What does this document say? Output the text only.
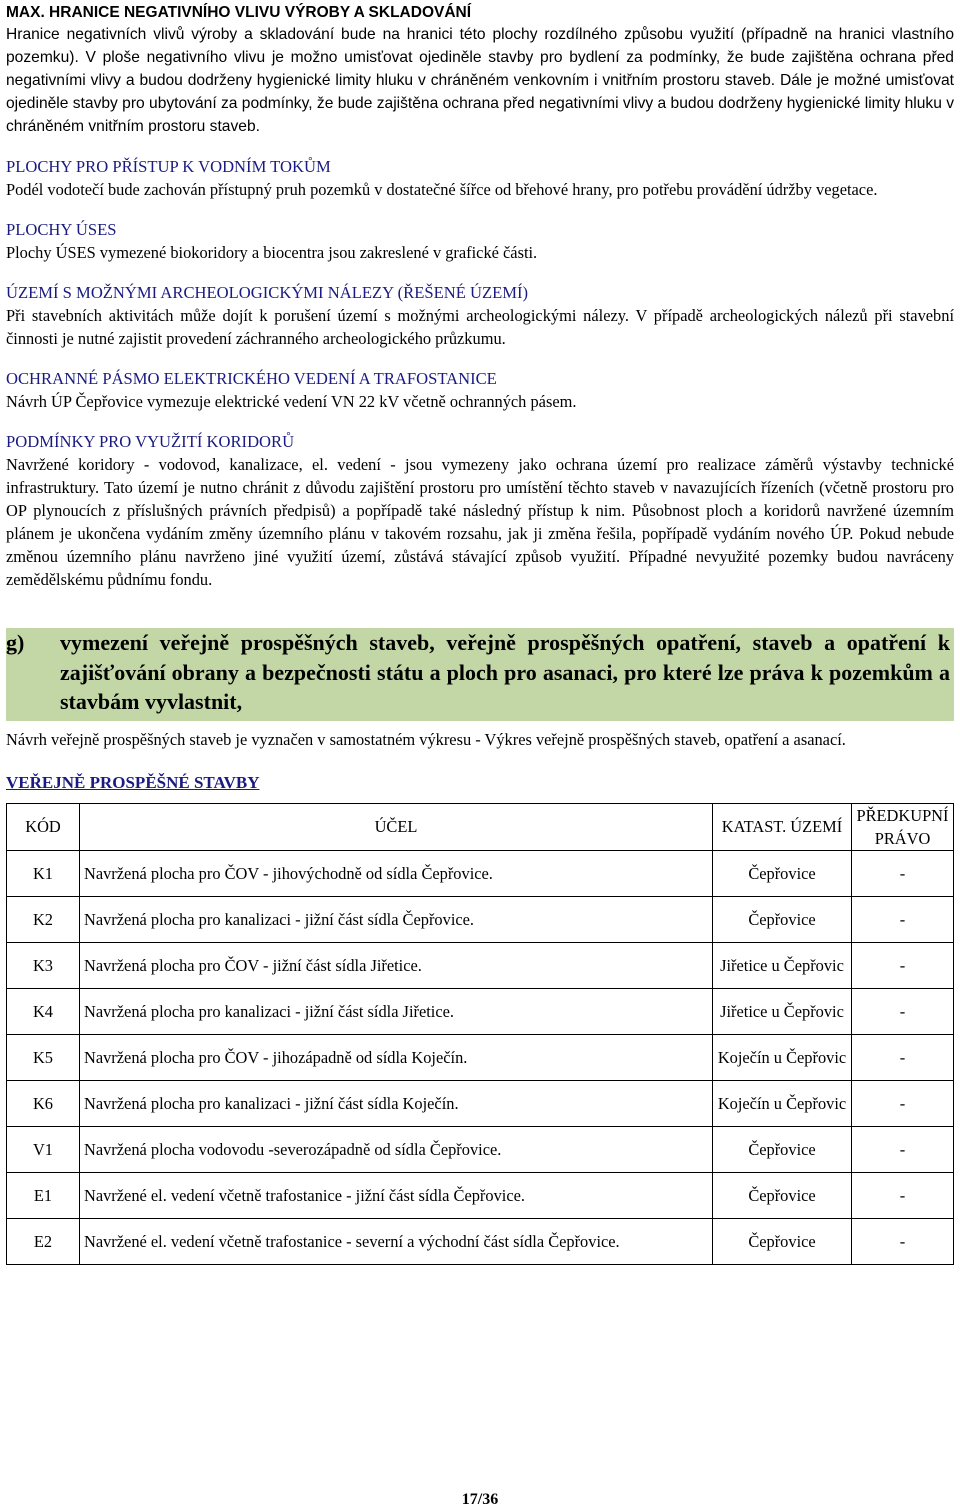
MAX. HRANICE NEGATIVNÍHO VLIVU VÝROBY A SKLADOVÁNÍ
Hranice negativních vlivů výroby a skladování bude na hranici této plochy rozdílného způsobu využití (případně na hranici vlastního pozemku). V ploše negativního vlivu je možno umisťovat ojediněle stavby pro bydlení za podmínky, že bude zajištěna ochrana před negativními vlivy a budou dodrženy hygienické limity hluku v chráněném venkovním i vnitřním prostoru staveb. Dále je možné umisťovat ojediněle stavby pro ubytování za podmínky, že bude zajištěna ochrana před negativními vlivy a budou dodrženy hygienické limity hluku v chráněném vnitřním prostoru staveb.
PLOCHY PRO PŘÍSTUP K VODNÍM TOKŮM
Podél vodotečí bude zachován přístupný pruh pozemků v dostatečné šířce od břehové hrany, pro potřebu provádění údržby vegetace.
PLOCHY ÚSES
Plochy ÚSES vymezené biokoridory a biocentra jsou zakreslené v grafické části.
ÚZEMÍ S MOŽNÝMI ARCHEOLOGICKÝMI NÁLEZY (ŘEŠENÉ ÚZEMÍ)
Při stavebních aktivitách může dojít k porušení území s možnými archeologickými nálezy. V případě archeologických nálezů při stavební činnosti je nutné zajistit provedení záchranného archeologického průzkumu.
OCHRANNÉ PÁSMO ELEKTRICKÉHO VEDENÍ A TRAFOSTANICE
Návrh ÚP Čepřovice vymezuje elektrické vedení VN 22 kV včetně ochranných pásem.
PODMÍNKY PRO VYUŽITÍ KORIDORŮ
Navržené koridory - vodovod, kanalizace, el. vedení - jsou vymezeny jako ochrana území pro realizace záměrů výstavby technické infrastruktury. Tato území je nutno chránit z důvodu zajištění prostoru pro umístění těchto staveb v navazujících řízeních (včetně prostoru pro OP plynoucích z příslušných právních předpisů) a popřípadě také následný přístup k nim. Působnost ploch a koridorů navržené územním plánem je ukončena vydáním změny územního plánu v takovém rozsahu, jak ji změna řešila, popřípadě vydáním nového ÚP. Pokud nebude změnou územního plánu navrženo jiné využití území, zůstává stávající způsob využití. Případné nevyužité pozemky budou navráceny zemědělskému půdnímu fondu.
g)	vymezení veřejně prospěšných staveb, veřejně prospěšných opatření, staveb a opatření k zajišťování obrany a bezpečnosti státu a ploch pro asanaci, pro které lze práva k pozemkům a stavbám vyvlastnit,
Návrh veřejně prospěšných staveb je vyznačen v samostatném výkresu - Výkres veřejně prospěšných staveb, opatření a asanací.
VEŘEJNĚ PROSPĚŠNÉ STAVBY
KÓD	ÚČEL	KATAST. ÚZEMÍ	PŘEDKUPNÍ PRÁVO
K1	Navržená plocha pro ČOV - jihovýchodně od sídla Čepřovice.	Čepřovice	-
K2	Navržená plocha pro kanalizaci - jižní část sídla Čepřovice.	Čepřovice	-
K3	Navržená plocha pro ČOV - jižní část sídla Jiřetice.	Jiřetice u Čepřovic	-
K4	Navržená plocha pro kanalizaci - jižní část sídla Jiřetice.	Jiřetice u Čepřovic	-
K5	Navržená plocha pro ČOV - jihozápadně od sídla Koječín.	Koječín u Čepřovic	-
K6	Navržená plocha pro kanalizaci - jižní část sídla Koječín.	Koječín u Čepřovic	-
V1	Navržená plocha vodovodu -severozápadně od sídla Čepřovice.	Čepřovice	-
E1	Navržené el. vedení včetně trafostanice - jižní část sídla Čepřovice.	Čepřovice	-
E2	Navržené el. vedení včetně trafostanice - severní a východní část sídla Čepřovice.	Čepřovice	-
17/36
